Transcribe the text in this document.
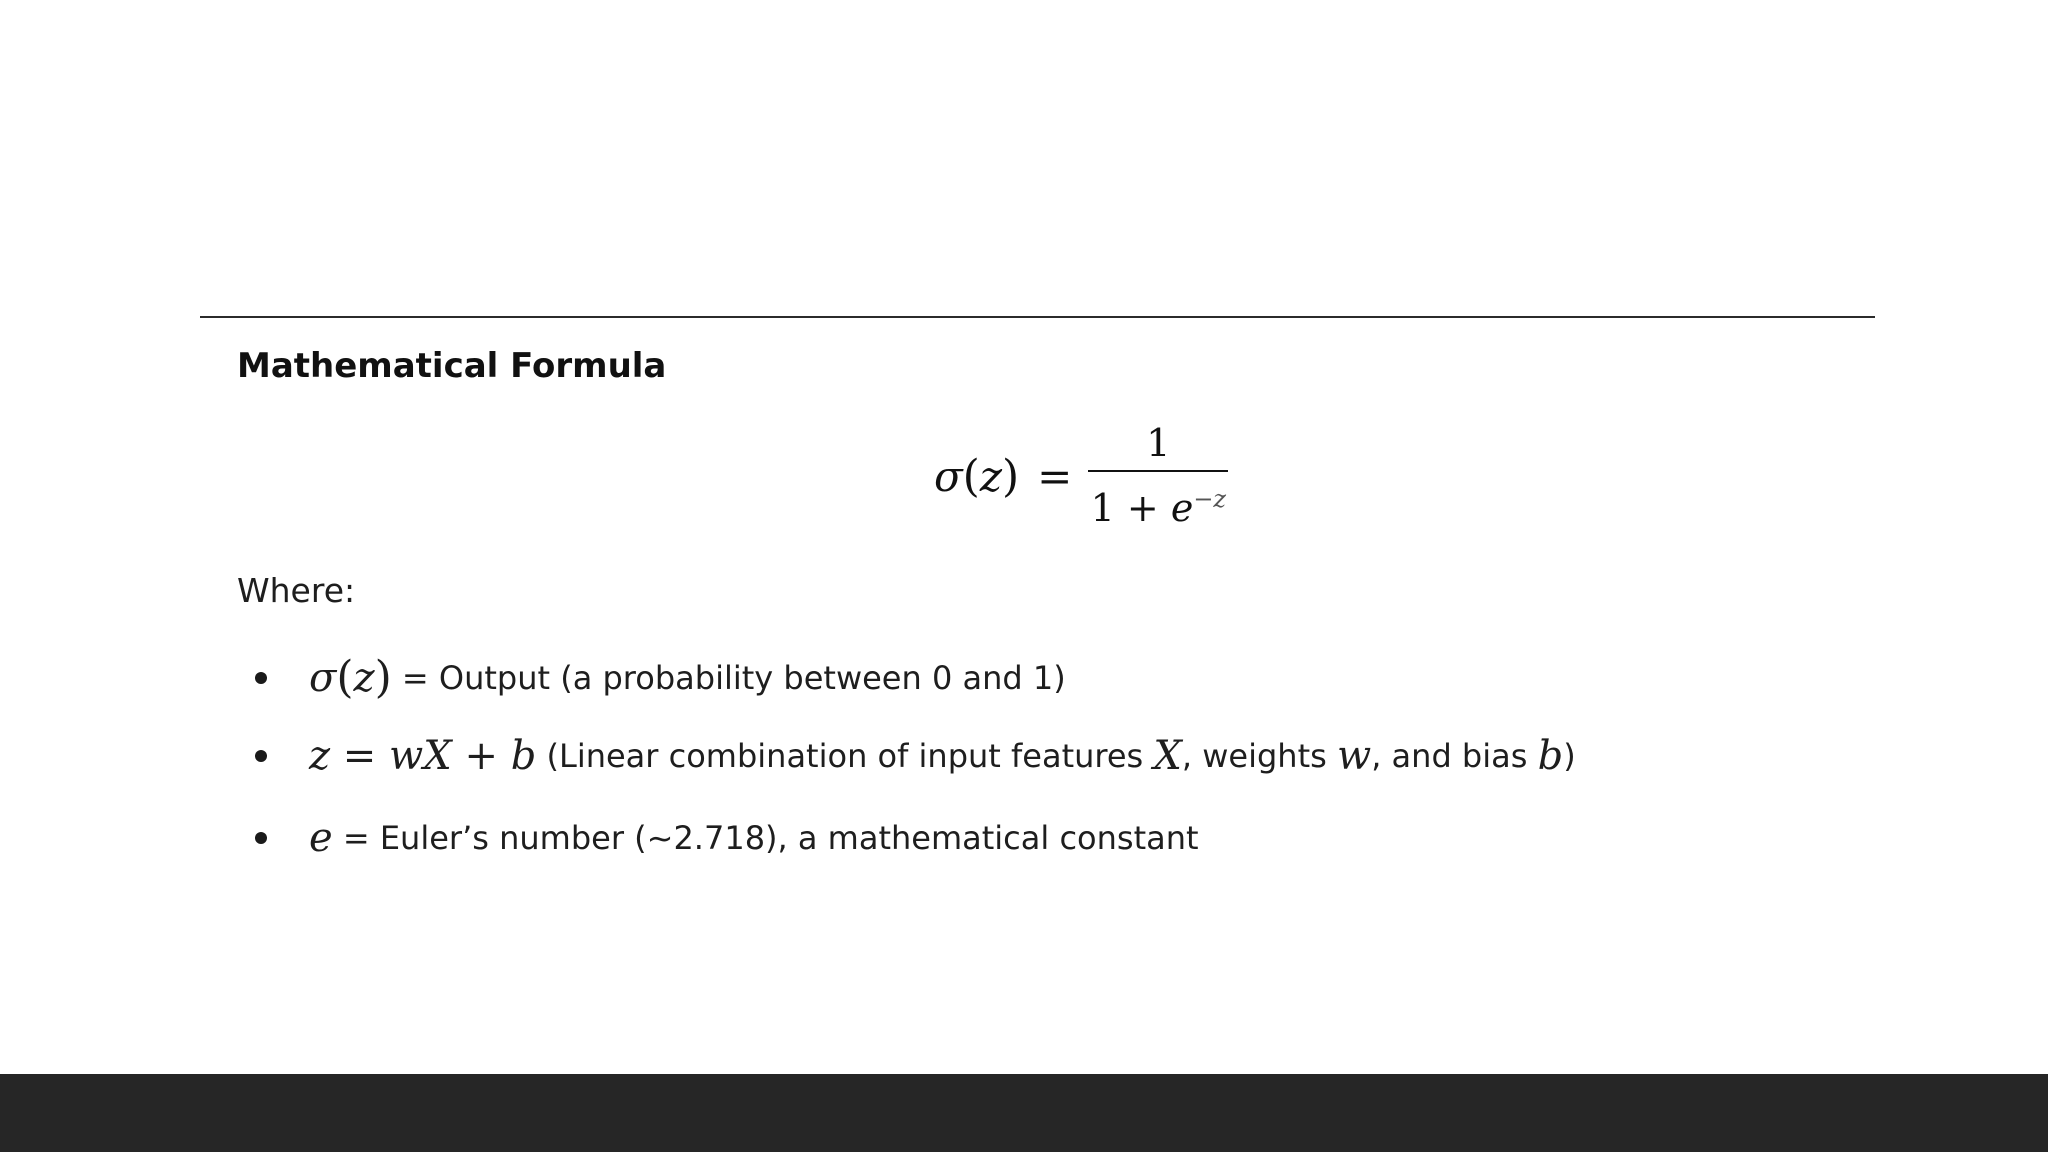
Mathematical Formula
$\sigma(z) = \frac{1}{1 + e^{-z}}$
Where:
σ ( z ) = Output (a probability between 0 and 1)
z = w X + b (Linear combination of input features X , weights w , and bias b )
e = Euler’s number (~2.718), a mathematical constant
